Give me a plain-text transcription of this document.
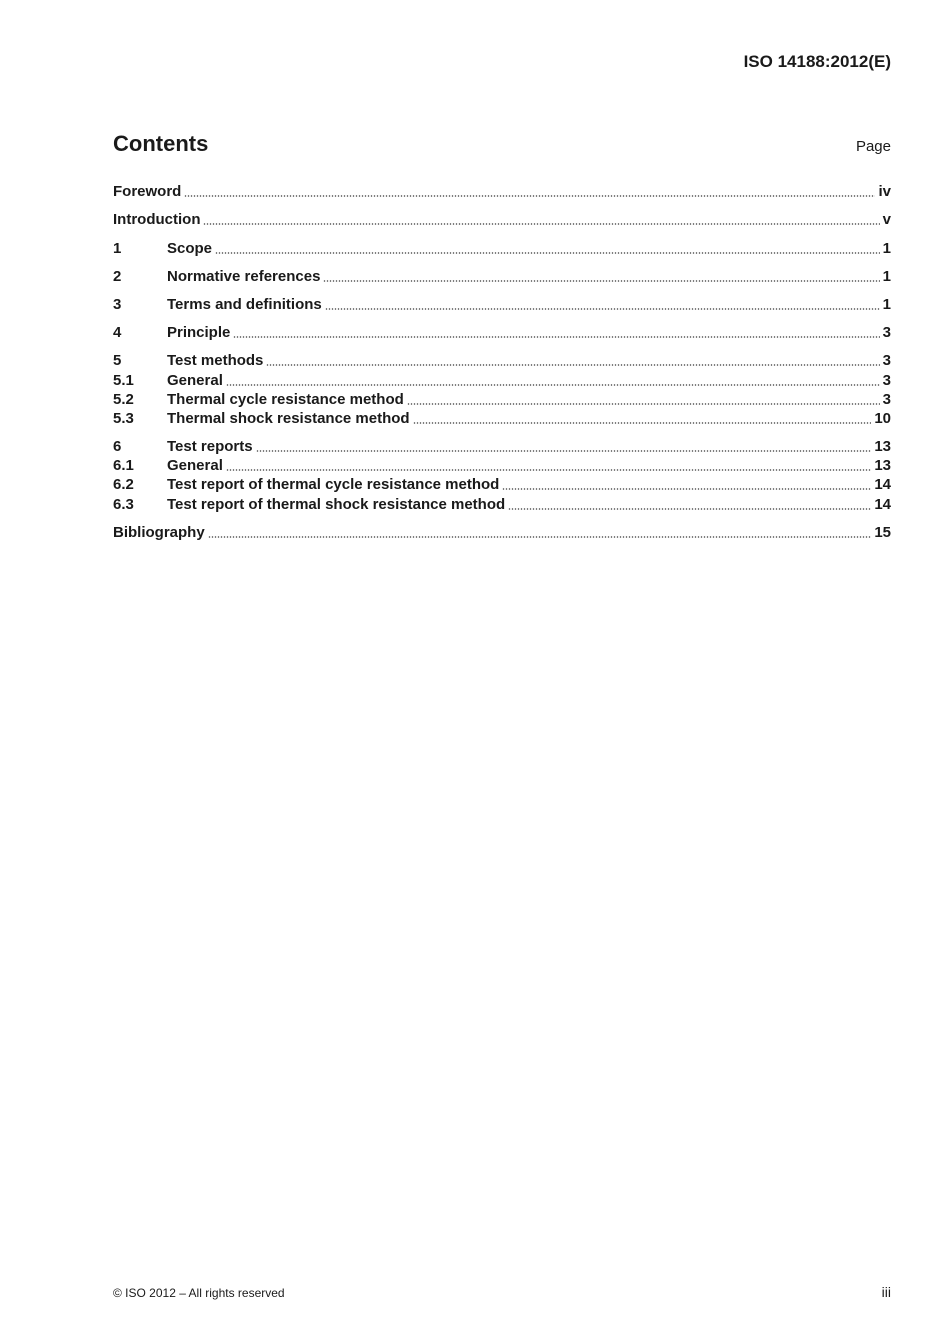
ISO 14188:2012(E)
Contents	Page
Foreword	iv
Introduction	v
1	Scope	1
2	Normative references	1
3	Terms and definitions	1
4	Principle	3
5	Test methods	3
5.1	General	3
5.2	Thermal cycle resistance method	3
5.3	Thermal shock resistance method	10
6	Test reports	13
6.1	General	13
6.2	Test report of thermal cycle resistance method	14
6.3	Test report of thermal shock resistance method	14
Bibliography	15
© ISO 2012 – All rights reserved	iii
